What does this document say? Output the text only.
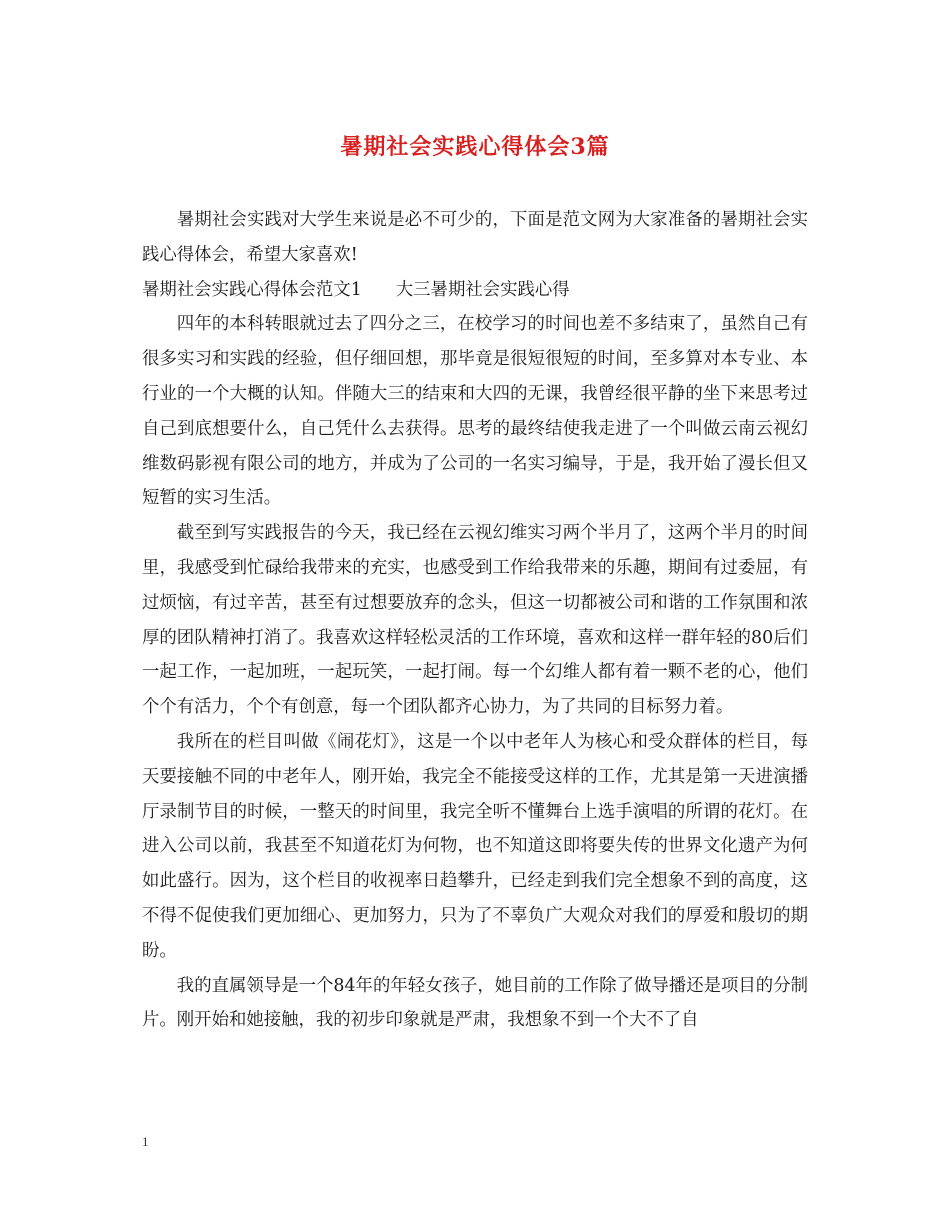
暑期社会实践心得体会3篇

暑期社会实践对大学生来说是必不可少的，下面是范文网为大家准备的暑期社会实践心得体会，希望大家喜欢!

暑期社会实践心得体会范文1 大三暑期社会实践心得

四年的本科转眼就过去了四分之三，在校学习的时间也差不多结束了，虽然自己有很多实习和实践的经验，但仔细回想，那毕竟是很短很短的时间，至多算对本专业、本行业的一个大概的认知。伴随大三的结束和大四的无课，我曾经很平静的坐下来思考过自己到底想要什么，自己凭什么去获得。思考的最终结使我走进了一个叫做云南云视幻维数码影视有限公司的地方，并成为了公司的一名实习编导，于是，我开始了漫长但又短暂的实习生活。

截至到写实践报告的今天，我已经在云视幻维实习两个半月了，这两个半月的时间里，我感受到忙碌给我带来的充实，也感受到工作给我带来的乐趣，期间有过委屈，有过烦恼，有过辛苦，甚至有过想要放弃的念头，但这一切都被公司和谐的工作氛围和浓厚的团队精神打消了。我喜欢这样轻松灵活的工作环境，喜欢和这样一群年轻的80后们一起工作，一起加班，一起玩笑，一起打闹。每一个幻维人都有着一颗不老的心，他们个个有活力，个个有创意，每一个团队都齐心协力，为了共同的目标努力着。

我所在的栏目叫做《闹花灯》，这是一个以中老年人为核心和受众群体的栏目，每天要接触不同的中老年人，刚开始，我完全不能接受这样的工作，尤其是第一天进演播厅录制节目的时候，一整天的时间里，我完全听不懂舞台上选手演唱的所谓的花灯。在进入公司以前，我甚至不知道花灯为何物，也不知道这即将要失传的世界文化遗产为何如此盛行。因为，这个栏目的收视率日趋攀升，已经走到我们完全想象不到的高度，这不得不促使我们更加细心、更加努力，只为了不辜负广大观众对我们的厚爱和殷切的期盼。

我的直属领导是一个84年的年轻女孩子，她目前的工作除了做导播还是项目的分制片。刚开始和她接触，我的初步印象就是严肃，我想象不到一个大不了自

1
